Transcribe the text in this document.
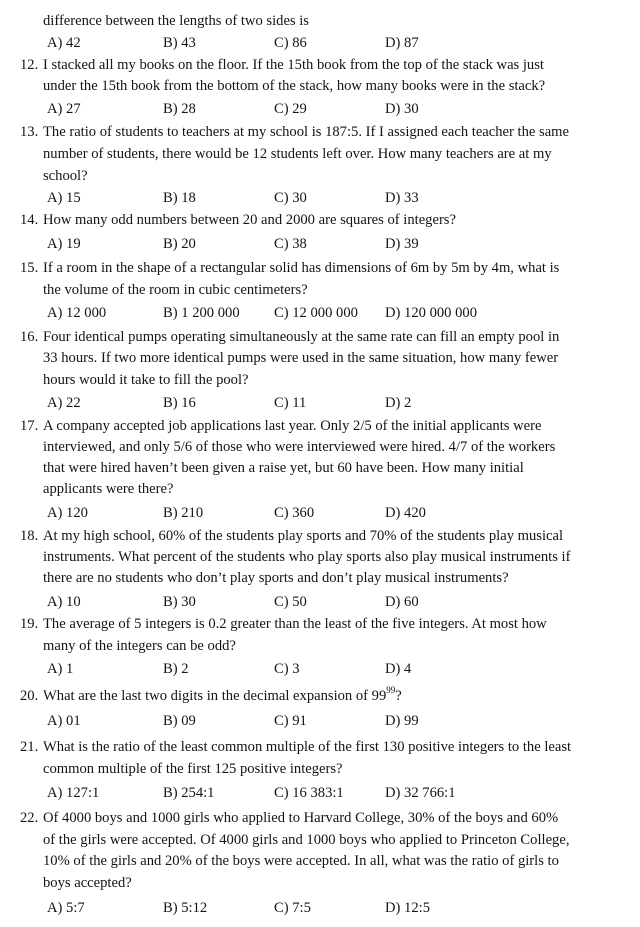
difference between the lengths of two sides is
A) 42	B) 43	C) 86	D) 87
12. I stacked all my books on the floor. If the 15th book from the top of the stack was just
under the 15th book from the bottom of the stack, how many books were in the stack?
A) 27	B) 28	C) 29	D) 30
13. The ratio of students to teachers at my school is 187:5. If I assigned each teacher the same
number of students, there would be 12 students left over. How many teachers are at my
school?
A) 15	B) 18	C) 30	D) 33
14. How many odd numbers between 20 and 2000 are squares of integers?
A) 19	B) 20	C) 38	D) 39
15. If a room in the shape of a rectangular solid has dimensions of 6m by 5m by 4m, what is
the volume of the room in cubic centimeters?
A) 12 000	B) 1 200 000 C) 12 000 000 D) 120 000 000
16. Four identical pumps operating simultaneously at the same rate can fill an empty pool in
33 hours. If two more identical pumps were used in the same situation, how many fewer
hours would it take to fill the pool?
A) 22	B) 16	C) 11	D) 2
17. A company accepted job applications last year. Only 2/5 of the initial applicants were
interviewed, and only 5/6 of those who were interviewed were hired. 4/7 of the workers
that were hired haven’t been given a raise yet, but 60 have been. How many initial
applicants were there?
A) 120	B) 210	C) 360	D) 420
18. At my high school, 60% of the students play sports and 70% of the students play musical
instruments. What percent of the students who play sports also play musical instruments if
there are no students who don’t play sports and don’t play musical instruments?
A) 10	B) 30	C) 50	D) 60
19. The average of 5 integers is 0.2 greater than the least of the five integers. At most how
many of the integers can be odd?
A) 1	B) 2	C) 3	D) 4
20. What are the last two digits in the decimal expansion of $99^{99}$?
A) 01	B) 09	C) 91	D) 99
21. What is the ratio of the least common multiple of the first 130 positive integers to the least
common multiple of the first 125 positive integers?
A) 127:1	B) 254:1	C) 16 383:1	D) 32 766:1
22. Of 4000 boys and 1000 girls who applied to Harvard College, 30% of the boys and 60%
of the girls were accepted. Of 4000 girls and 1000 boys who applied to Princeton College,
10% of the girls and 20% of the boys were accepted. In all, what was the ratio of girls to
boys accepted?
A) 5:7	B) 5:12	C) 7:5	D) 12:5
